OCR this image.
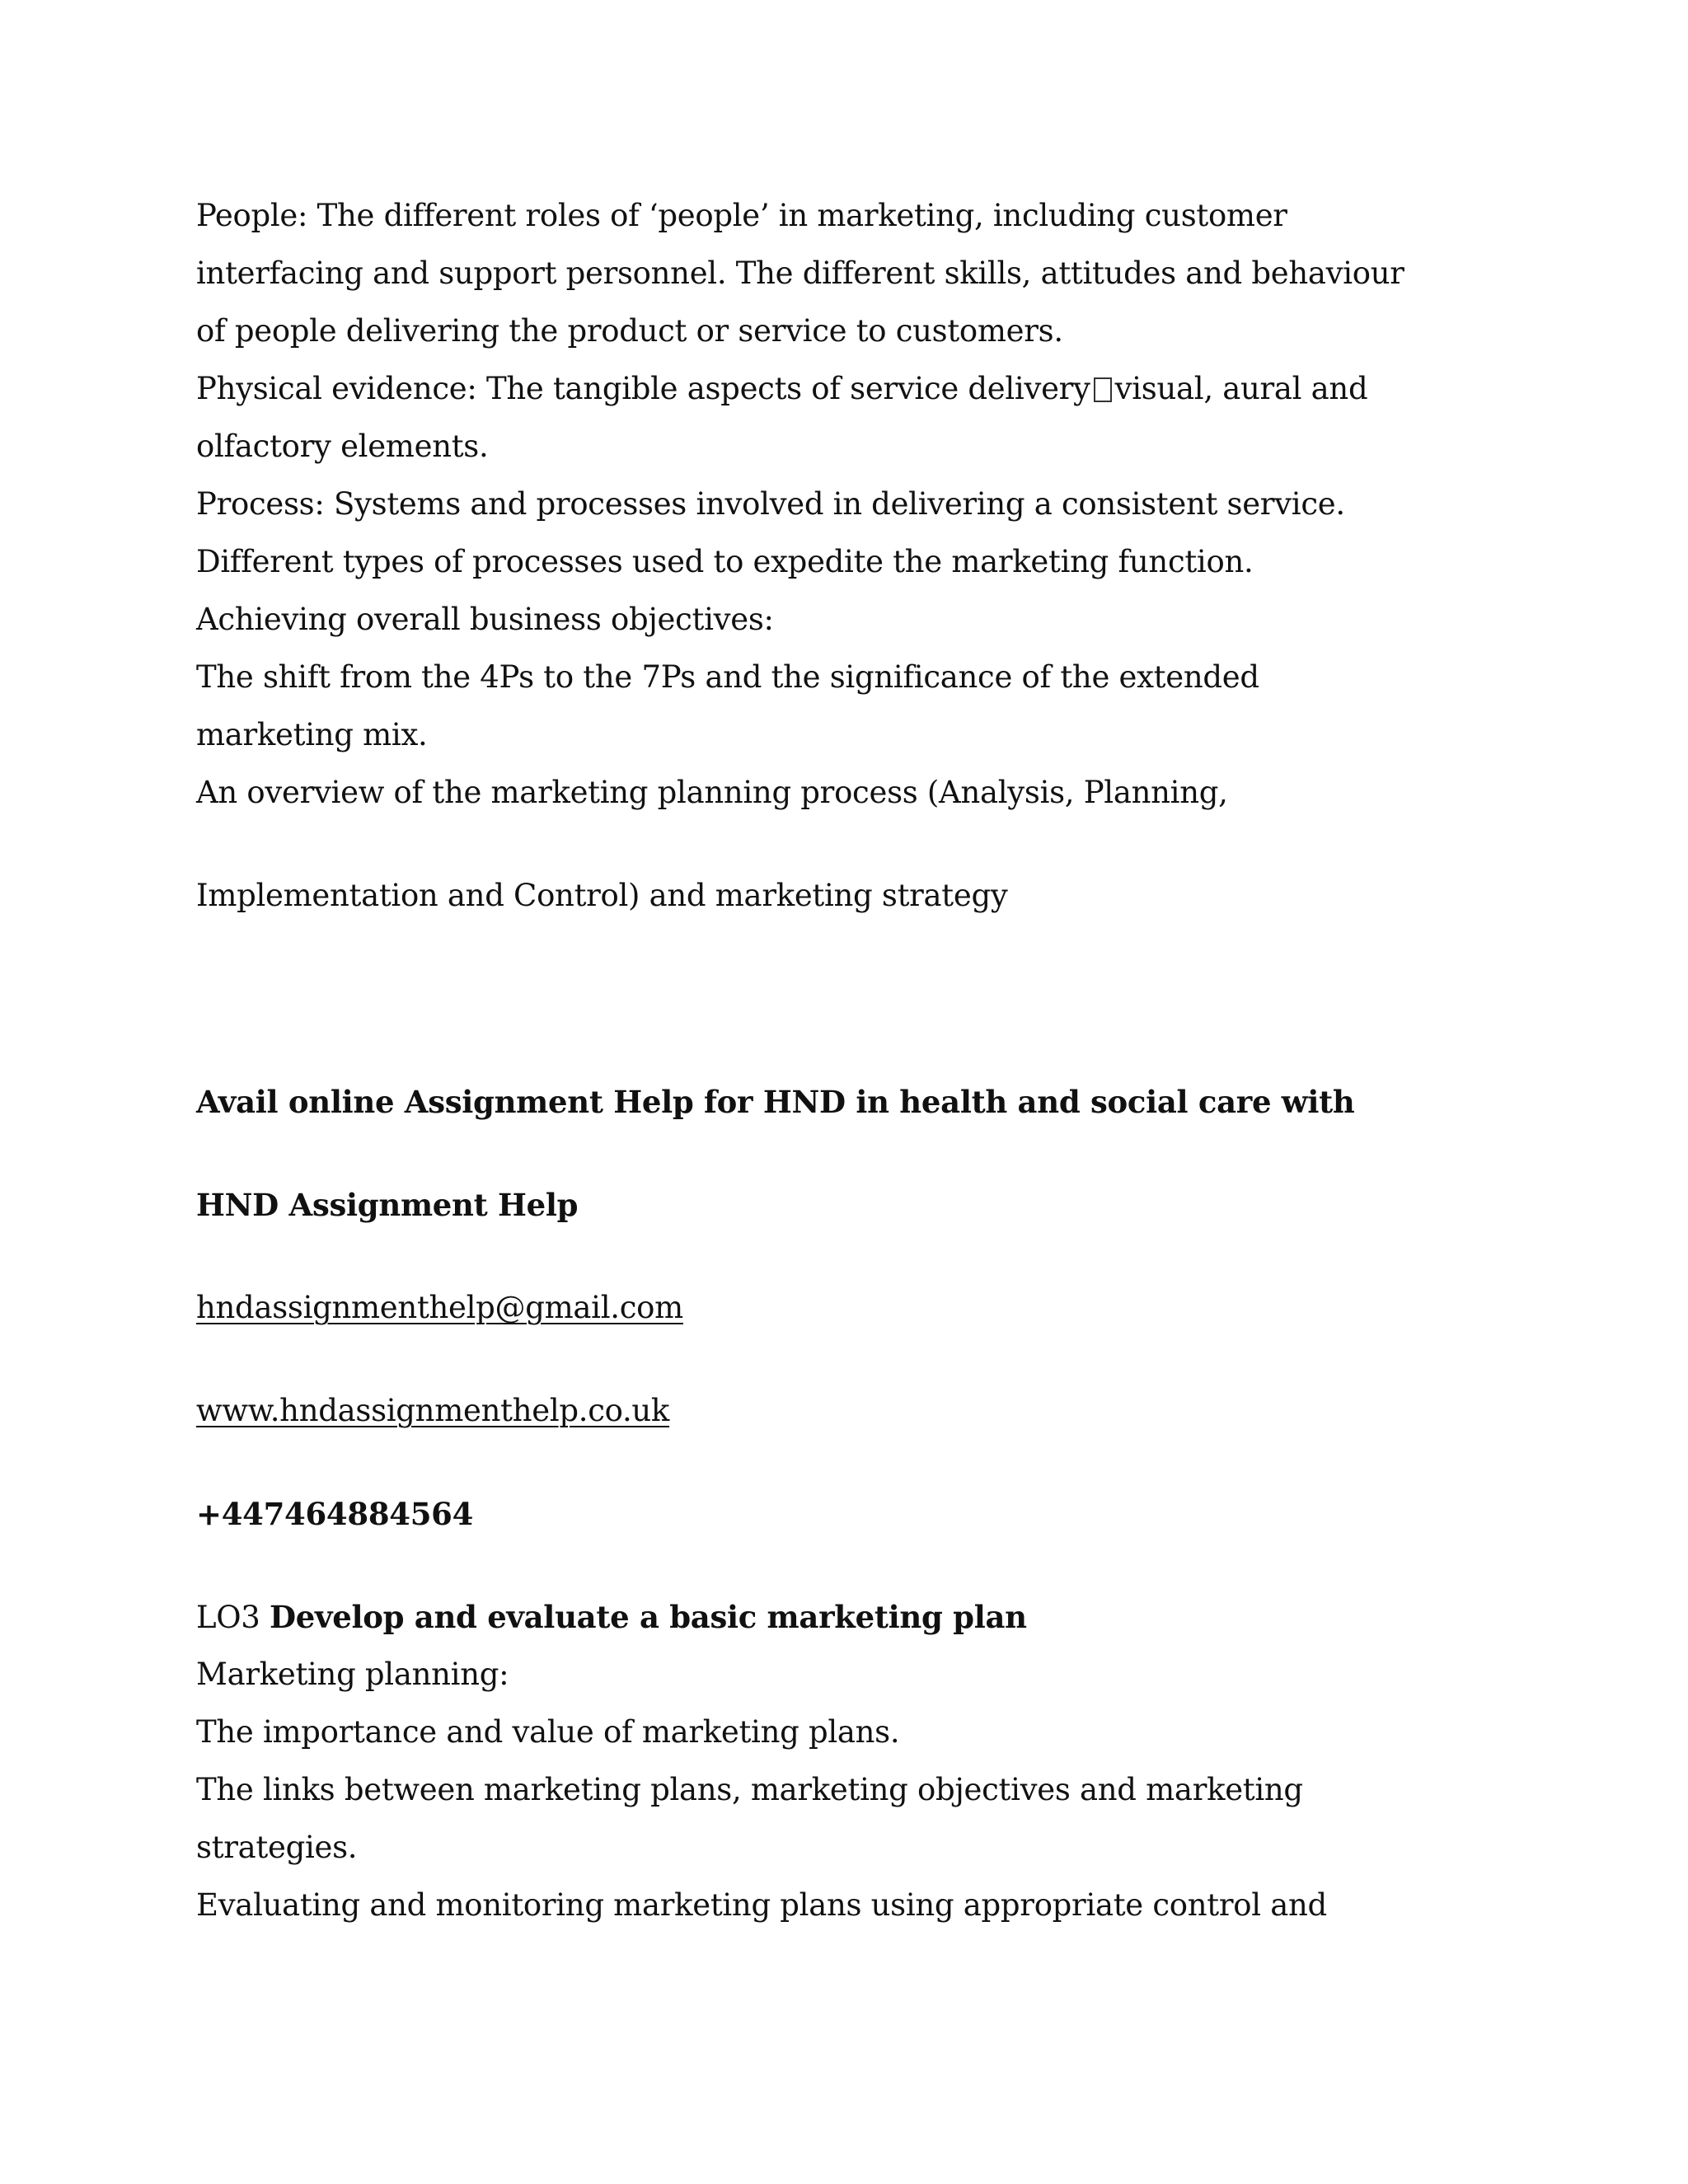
People: The different roles of ‘people’ in marketing, including customer
interfacing and support personnel. The different skills, attitudes and behaviour
of people delivering the product or service to customers.
Physical evidence: The tangible aspects of service delivery visual, aural and
olfactory elements.
Process: Systems and processes involved in delivering a consistent service.
Different types of processes used to expedite the marketing function.
Achieving overall business objectives:
The shift from the 4Ps to the 7Ps and the significance of the extended
marketing mix.
An overview of the marketing planning process (Analysis, Planning,
Implementation and Control) and marketing strategy
Avail online Assignment Help for HND in health and social care with
HND Assignment Help
hndassignmenthelp@gmail.com
www.hndassignmenthelp.co.uk
+447464884564
LO3 Develop and evaluate a basic marketing plan
Marketing planning:
The importance and value of marketing plans.
The links between marketing plans, marketing objectives and marketing
strategies.
Evaluating and monitoring marketing plans using appropriate control and
